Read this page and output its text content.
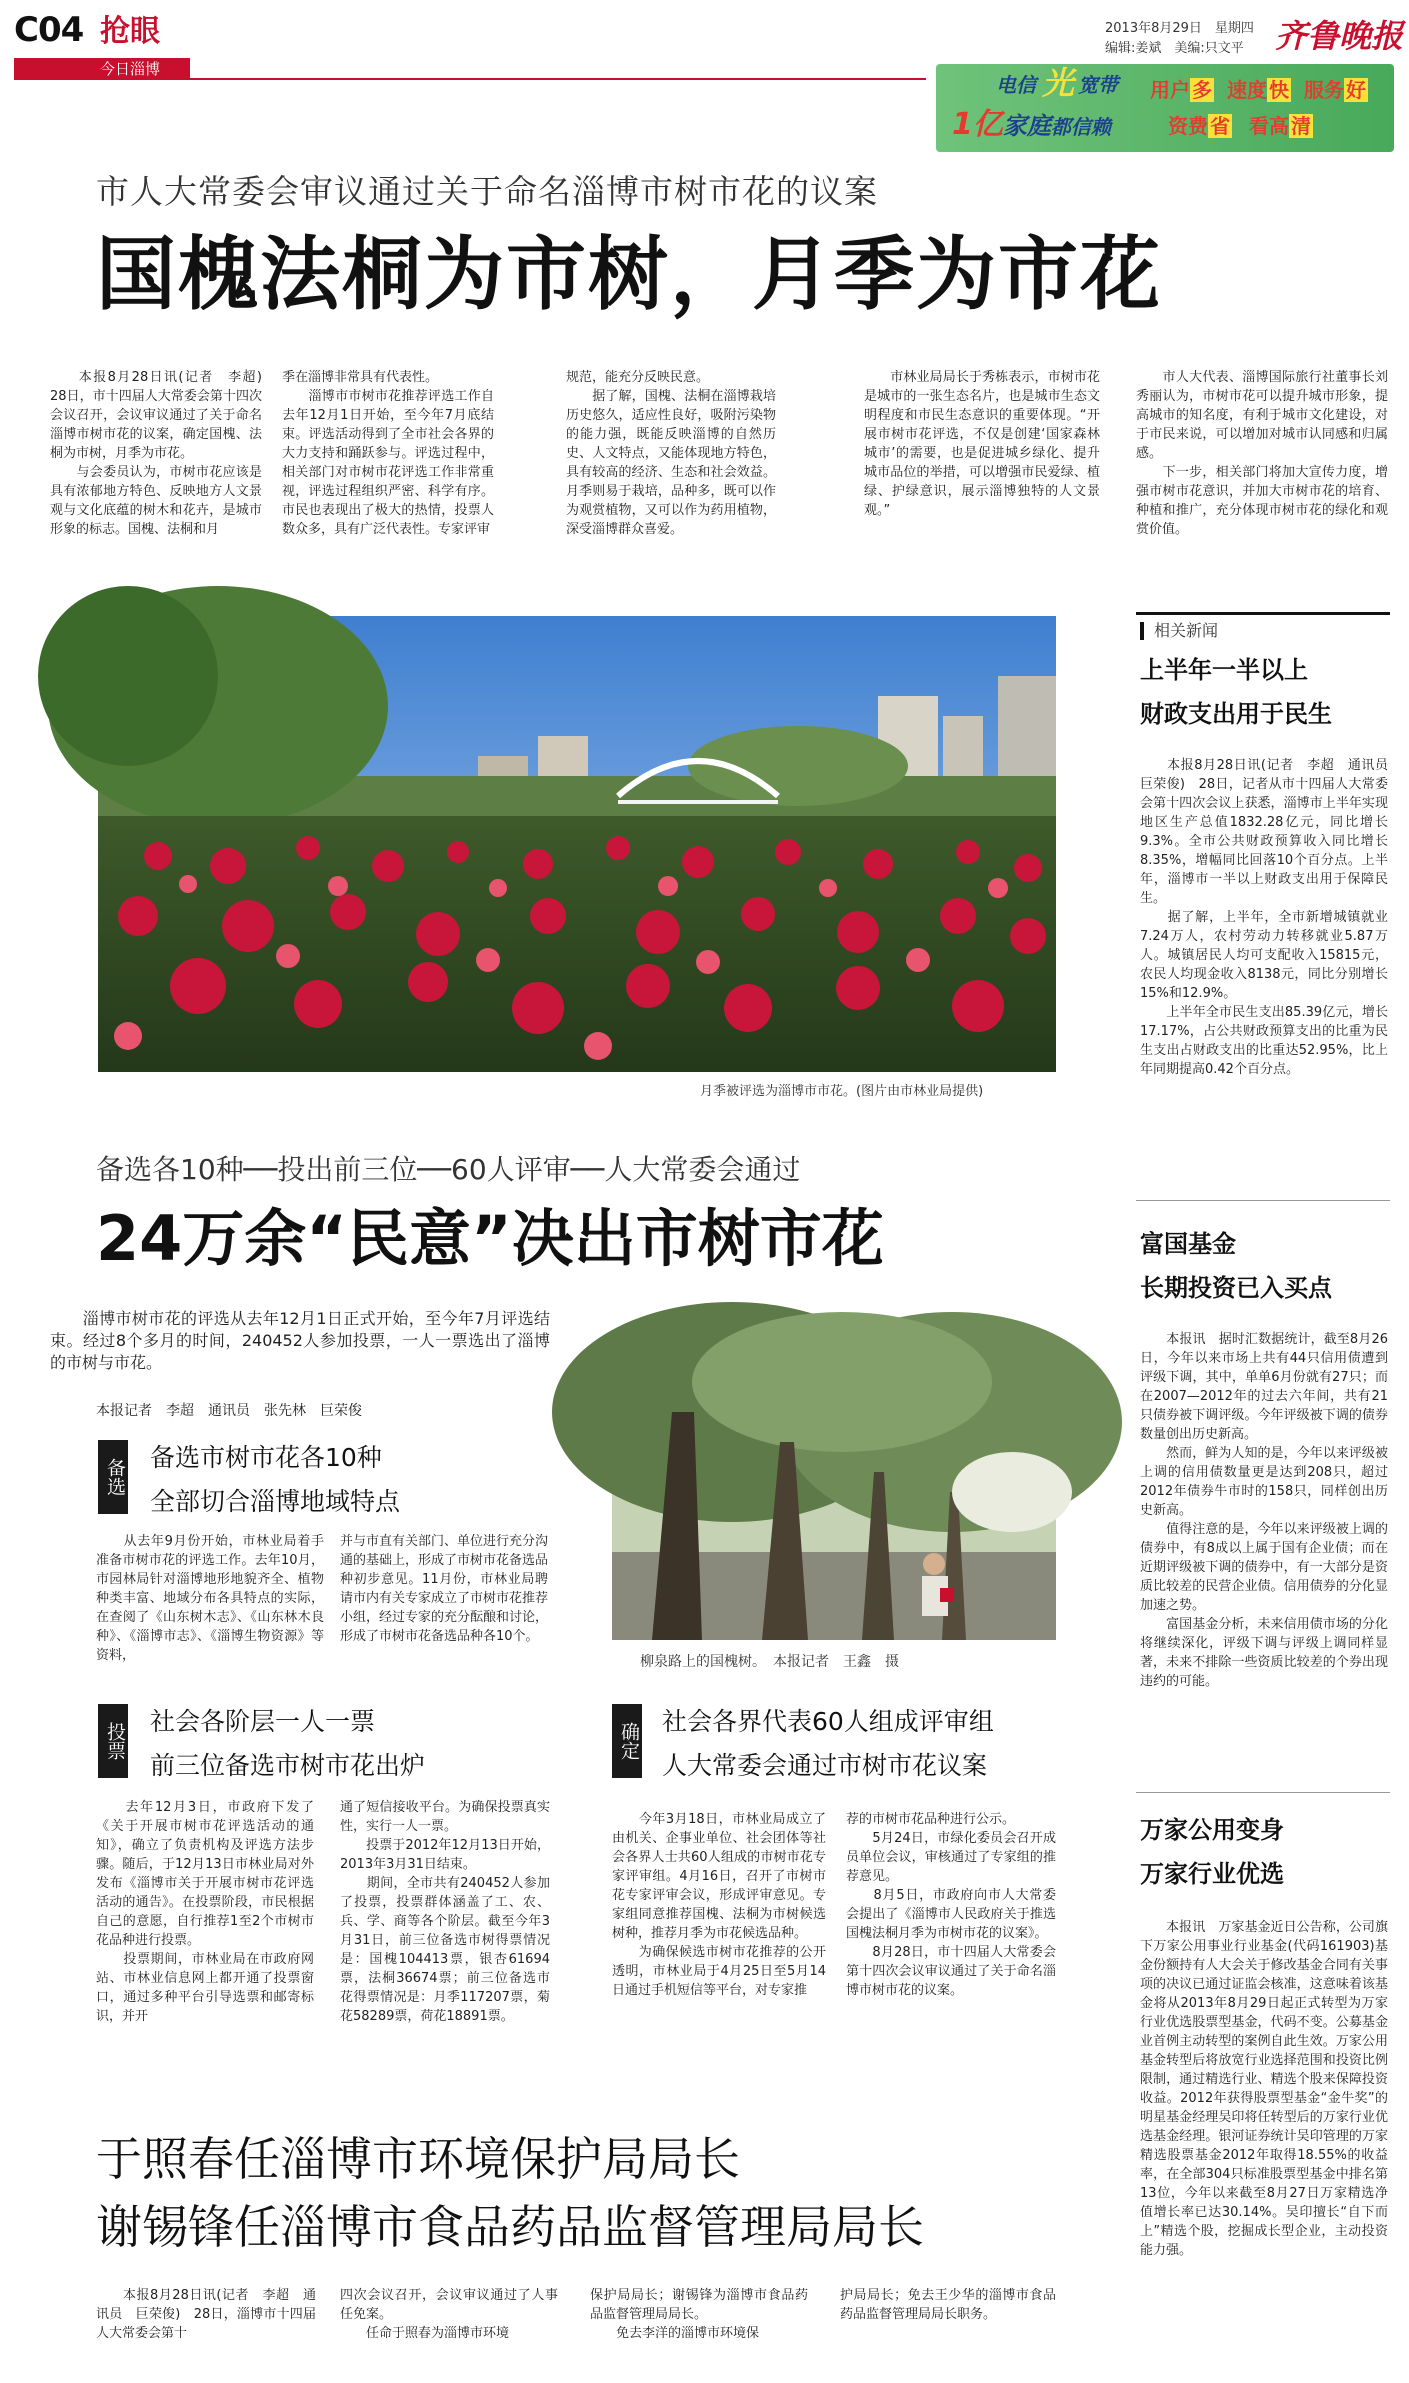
C04 抢眼
今日淄博
2013年8月29日　星期四
编辑:姜斌　美编:只文平 齐鲁晚报
电信 光 宽带
1亿家庭都信赖
用户 多 速度 快 服务 好
资费 省 看高 清
市人大常委会审议通过关于命名淄博市树市花的议案
国槐法桐为市树，月季为市花
　　本报8月28日讯(记者　李超)　28日，市十四届人大常委会第十四次会议召开，会议审议通过了关于命名淄博市树市花的议案，确定国槐、法桐为市树，月季为市花。
　　与会委员认为，市树市花应该是具有浓郁地方特色、反映地方人文景观与文化底蕴的树木和花卉，是城市形象的标志。国槐、法桐和月
季在淄博非常具有代表性。
　　淄博市市树市花推荐评选工作自去年12月1日开始，至今年7月底结束。评选活动得到了全市社会各界的大力支持和踊跃参与。评选过程中，相关部门对市树市花评选工作非常重视，评选过程组织严密、科学有序。市民也表现出了极大的热情，投票人数众多，具有广泛代表性。专家评审
规范，能充分反映民意。
　　据了解，国槐、法桐在淄博栽培历史悠久，适应性良好，吸附污染物的能力强，既能反映淄博的自然历史、人文特点，又能体现地方特色，具有较高的经济、生态和社会效益。月季则易于栽培，品种多，既可以作为观赏植物，又可以作为药用植物，深受淄博群众喜爱。
　　市林业局局长于秀栋表示，市树市花是城市的一张生态名片，也是城市生态文明程度和市民生态意识的重要体现。“开展市树市花评选，不仅是创建‘国家森林城市’的需要，也是促进城乡绿化、提升城市品位的举措，可以增强市民爱绿、植绿、护绿意识，展示淄博独特的人文景观。”
　　市人大代表、淄博国际旅行社董事长刘秀丽认为，市树市花可以提升城市形象，提高城市的知名度，有利于城市文化建设，对于市民来说，可以增加对城市认同感和归属感。
　　下一步，相关部门将加大宣传力度，增强市树市花意识，并加大市树市花的培育、种植和推广，充分体现市树市花的绿化和观赏价值。
月季被评选为淄博市市花。(图片由市林业局提供)
备选各10种──投出前三位──60人评审──人大常委会通过
24万余“民意”决出市树市花
　　淄博市树市花的评选从去年12月1日正式开始，至今年7月评选结束。经过8个多月的时间，240452人参加投票，一人一票选出了淄博的市树与市花。
本报记者　李超　通讯员　张先林　巨荣俊
柳泉路上的国槐树。　本报记者　王鑫　摄
备选
备选市树市花各10种
全部切合淄博地域特点
　　从去年9月份开始，市林业局着手准备市树市花的评选工作。去年10月，市园林局针对淄博地形地貌齐全、植物种类丰富、地域分布各具特点的实际，在查阅了《山东树木志》、《山东林木良种》、《淄博市志》、《淄博生物资源》等资料，
并与市直有关部门、单位进行充分沟通的基础上，形成了市树市花备选品种初步意见。11月份，市林业局聘请市内有关专家成立了市树市花推荐小组，经过专家的充分酝酿和讨论，形成了市树市花备选品种各10个。
投票
社会各阶层一人一票
前三位备选市树市花出炉
　　去年12月3日，市政府下发了《关于开展市树市花评选活动的通知》，确立了负责机构及评选方法步骤。随后，于12月13日市林业局对外发布《淄博市关于开展市树市花评选活动的通告》。在投票阶段，市民根据自己的意愿，自行推荐1至2个市树市花品种进行投票。
　　投票期间，市林业局在市政府网站、市林业信息网上都开通了投票窗口，通过多种平台引导选票和邮寄标识，并开
通了短信接收平台。为确保投票真实性，实行一人一票。
　　投票于2012年12月13日开始，2013年3月31日结束。
　　期间，全市共有240452人参加了投票，投票群体涵盖了工、农、兵、学、商等各个阶层。截至今年3月31日，前三位备选市树得票情况是：国槐104413票，银杏61694票，法桐36674票；前三位备选市花得票情况是：月季117207票，菊花58289票，荷花18891票。
确定
社会各界代表60人组成评审组
人大常委会通过市树市花议案
　　今年3月18日，市林业局成立了由机关、企事业单位、社会团体等社会各界人士共60人组成的市树市花专家评审组。4月16日，召开了市树市花专家评审会议，形成评审意见。专家组同意推荐国槐、法桐为市树候选树种，推荐月季为市花候选品种。
　　为确保候选市树市花推荐的公开透明，市林业局于4月25日至5月14日通过手机短信等平台，对专家推
荐的市树市花品种进行公示。
　　5月24日，市绿化委员会召开成员单位会议，审核通过了专家组的推荐意见。
　　8月5日，市政府向市人大常委会提出了《淄博市人民政府关于推选国槐法桐月季为市树市花的议案》。
　　8月28日，市十四届人大常委会第十四次会议审议通过了关于命名淄博市树市花的议案。
于照春任淄博市环境保护局局长
谢锡锋任淄博市食品药品监督管理局局长
　　本报8月28日讯(记者　李超　通讯员　巨荣俊)　28日，淄博市十四届人大常委会第十
四次会议召开，会议审议通过了人事任免案。
　　任命于照春为淄博市环境
保护局局长；谢锡锋为淄博市食品药品监督管理局局长。
　　免去李洋的淄博市环境保
护局局长；免去王少华的淄博市食品药品监督管理局局长职务。
相关新闻
上半年一半以上
财政支出用于民生
　　本报8月28日讯(记者　李超　通讯员　巨荣俊)　28日，记者从市十四届人大常委会第十四次会议上获悉，淄博市上半年实现地区生产总值1832.28亿元，同比增长9.3%。全市公共财政预算收入同比增长8.35%，增幅同比回落10个百分点。上半年，淄博市一半以上财政支出用于保障民生。
　　据了解，上半年，全市新增城镇就业7.24万人，农村劳动力转移就业5.87万人。城镇居民人均可支配收入15815元，农民人均现金收入8138元，同比分别增长15%和12.9%。
　　上半年全市民生支出85.39亿元，增长17.17%，占公共财政预算支出的比重为民生支出占财政支出的比重达52.95%，比上年同期提高0.42个百分点。
富国基金
长期投资已入买点
　　本报讯　据时汇数据统计，截至8月26日，今年以来市场上共有44只信用债遭到评级下调，其中，单单6月份就有27只；而在2007—2012年的过去六年间，共有21只债券被下调评级。今年评级被下调的债券数量创出历史新高。
　　然而，鲜为人知的是，今年以来评级被上调的信用债数量更是达到208只，超过2012年债券牛市时的158只，同样创出历史新高。
　　值得注意的是，今年以来评级被上调的债券中，有8成以上属于国有企业债；而在近期评级被下调的债券中，有一大部分是资质比较差的民营企业债。信用债券的分化显加速之势。
　　富国基金分析，未来信用债市场的分化将继续深化，评级下调与评级上调同样显著，未来不排除一些资质比较差的个券出现违约的可能。
万家公用变身
万家行业优选
　　本报讯　万家基金近日公告称，公司旗下万家公用事业行业基金(代码161903)基金份额持有人大会关于修改基金合同有关事项的决议已通过证监会核准，这意味着该基金将从2013年8月29日起正式转型为万家行业优选股票型基金，代码不变。公募基金业首例主动转型的案例自此生效。万家公用基金转型后将放宽行业选择范围和投资比例限制，通过精选行业、精选个股来保障投资收益。2012年获得股票型基金“金牛奖”的明星基金经理吴印将任转型后的万家行业优选基金经理。银河证券统计吴印管理的万家精选股票基金2012年取得18.55%的收益率，在全部304只标准股票型基金中排名第13位，今年以来截至8月27日万家精选净值增长率已达30.14%。吴印擅长“自下而上”精选个股，挖掘成长型企业，主动投资能力强。
